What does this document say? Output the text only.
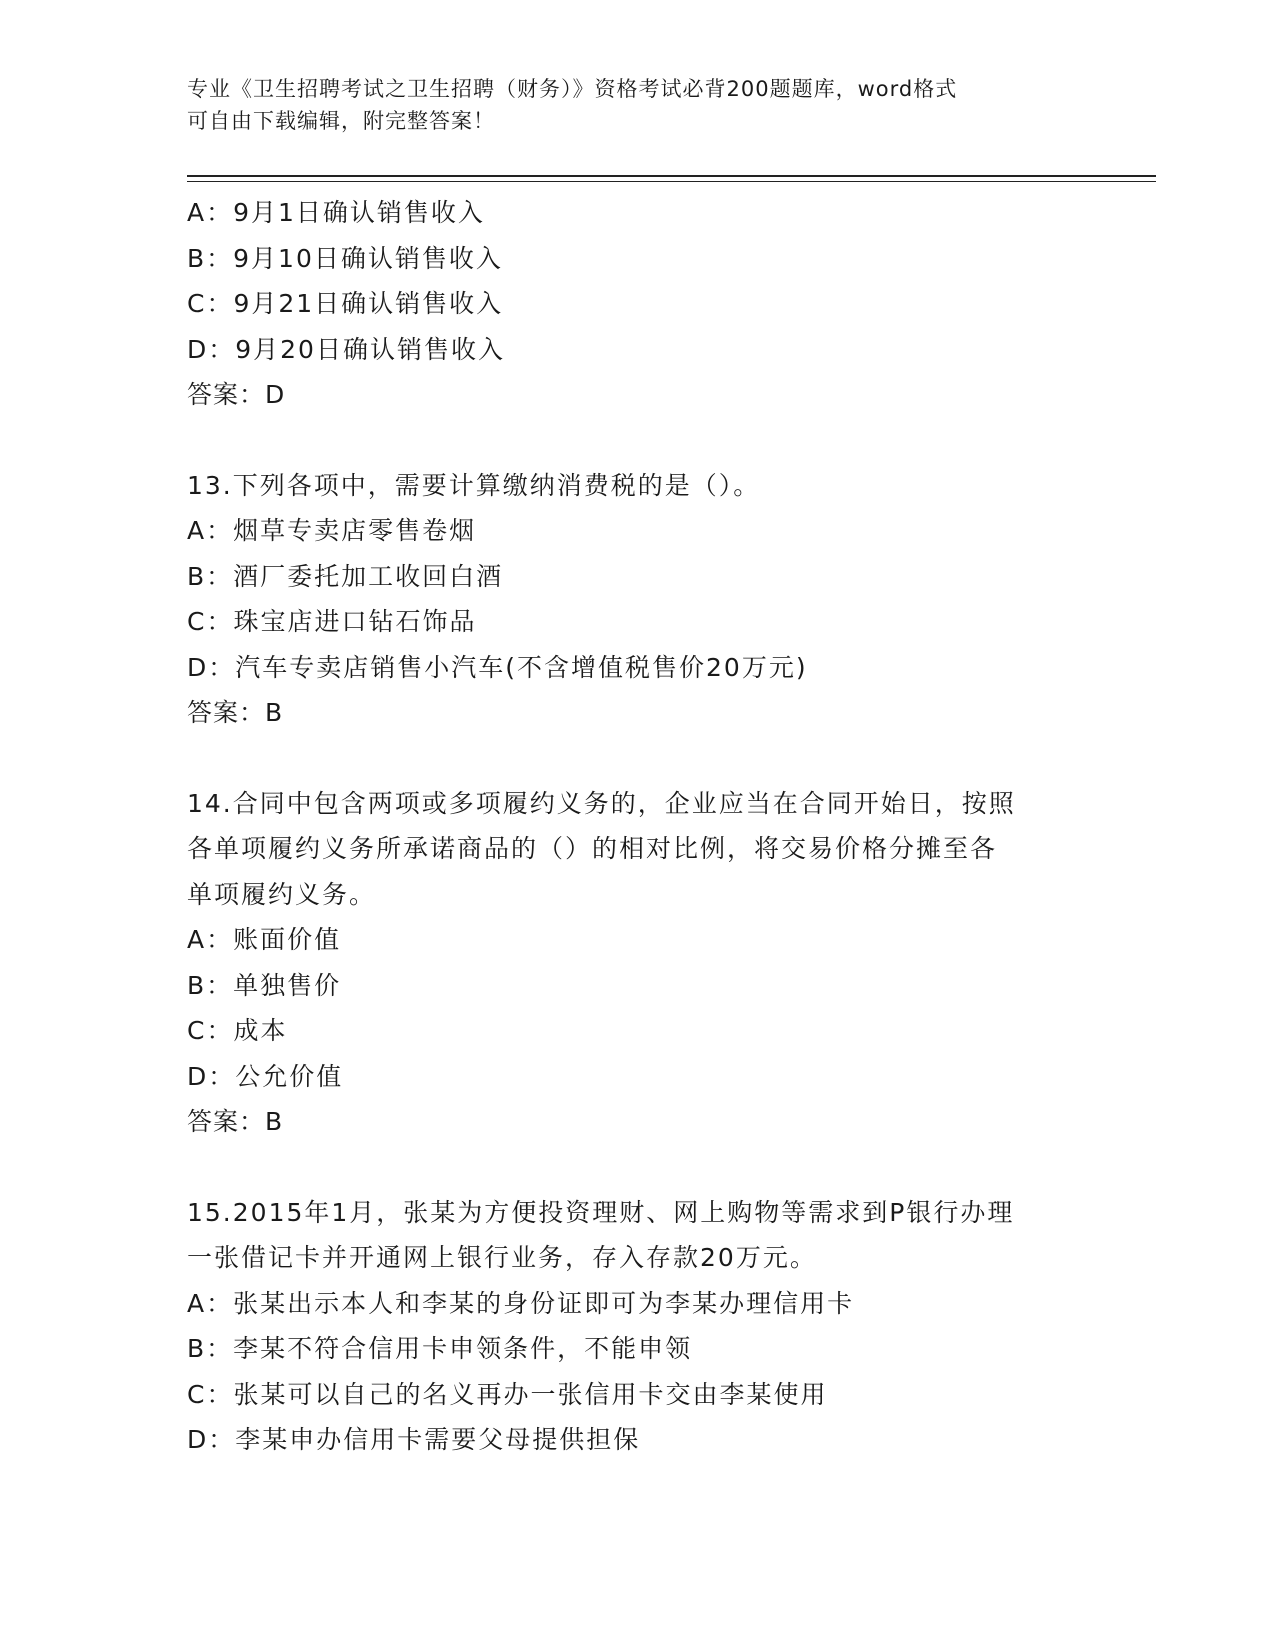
专业《卫生招聘考试之卫生招聘（财务）》资格考试必背200题题库，word格式
可自由下载编辑，附完整答案！
A：9月1日确认销售收入
B：9月10日确认销售收入
C：9月21日确认销售收入
D：9月20日确认销售收入
答案：D
13.下列各项中，需要计算缴纳消费税的是（）。
A：烟草专卖店零售卷烟
B：酒厂委托加工收回白酒
C：珠宝店进口钻石饰品
D：汽车专卖店销售小汽车(不含增值税售价20万元)
答案：B
14.合同中包含两项或多项履约义务的，企业应当在合同开始日，按照
各单项履约义务所承诺商品的（）的相对比例，将交易价格分摊至各
单项履约义务。
A：账面价值
B：单独售价
C：成本
D：公允价值
答案：B
15.2015年1月，张某为方便投资理财、网上购物等需求到P银行办理
一张借记卡并开通网上银行业务，存入存款20万元。
A：张某出示本人和李某的身份证即可为李某办理信用卡
B：李某不符合信用卡申领条件，不能申领
C：张某可以自己的名义再办一张信用卡交由李某使用
D：李某申办信用卡需要父母提供担保
